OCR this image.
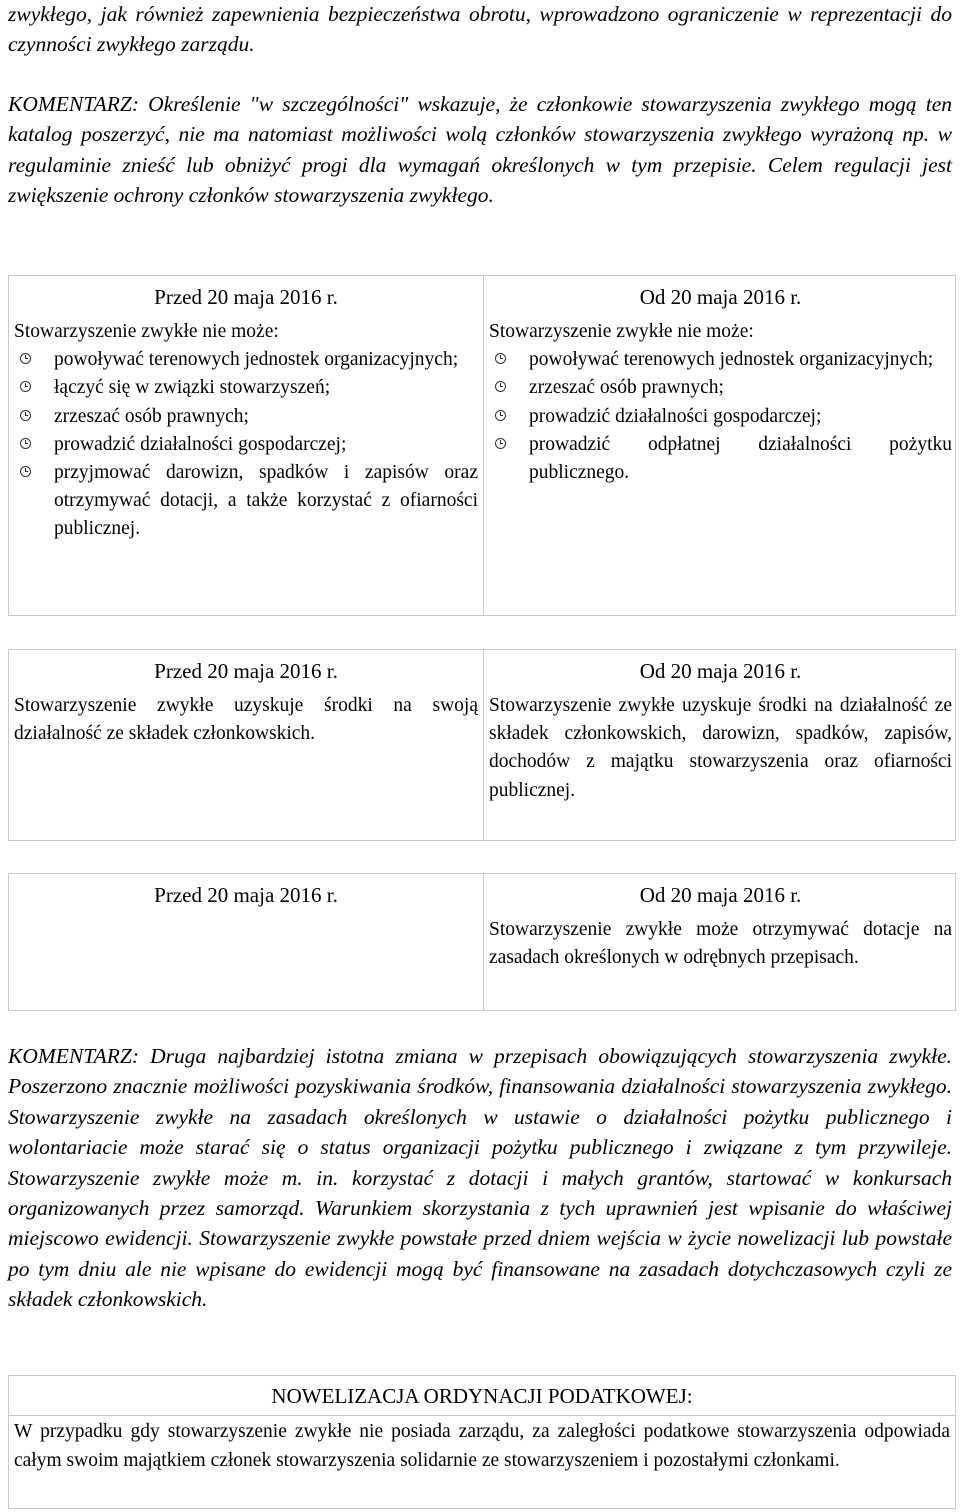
zwykłego, jak również zapewnienia bezpieczeństwa obrotu, wprowadzono ograniczenie w reprezentacji do czynności zwykłego zarządu.

KOMENTARZ: Określenie "w szczególności" wskazuje, że członkowie stowarzyszenia zwykłego mogą ten katalog poszerzyć, nie ma natomiast możliwości wolą członków stowarzyszenia zwykłego wyrażoną np. w regulaminie znieść lub obniżyć progi dla wymagań określonych w tym przepisie. Celem regulacji jest zwiększenie ochrony członków stowarzyszenia zwykłego.

Przed 20 maja 2016 r.
Stowarzyszenie zwykłe nie może:
powoływać terenowych jednostek organizacyjnych;
łączyć się w związki stowarzyszeń;
zrzeszać osób prawnych;
prowadzić działalności gospodarczej;
przyjmować darowizn, spadków i zapisów oraz otrzymywać dotacji, a także korzystać z ofiarności publicznej.
Od 20 maja 2016 r.
Stowarzyszenie zwykłe nie może:
powoływać terenowych jednostek organizacyjnych;
zrzeszać osób prawnych;
prowadzić działalności gospodarczej;
prowadzić odpłatnej działalności pożytku publicznego.
Przed 20 maja 2016 r.
Stowarzyszenie zwykłe uzyskuje środki na swoją działalność ze składek członkowskich.
Od 20 maja 2016 r.
Stowarzyszenie zwykłe uzyskuje środki na działalność ze składek członkowskich, darowizn, spadków, zapisów, dochodów z majątku stowarzyszenia oraz ofiarności publicznej.
Przed 20 maja 2016 r.	Od 20 maja 2016 r.
Stowarzyszenie zwykłe może otrzymywać dotacje na zasadach określonych w odrębnych przepisach.

KOMENTARZ: Druga najbardziej istotna zmiana w przepisach obowiązujących stowarzyszenia zwykłe. Poszerzono znacznie możliwości pozyskiwania środków, finansowania działalności stowarzyszenia zwykłego. Stowarzyszenie zwykłe na zasadach określonych w ustawie o działalności pożytku publicznego i wolontariacie może starać się o status organizacji pożytku publicznego i związane z tym przywileje. Stowarzyszenie zwykłe może m. in. korzystać z dotacji i małych grantów, startować w konkursach organizowanych przez samorząd. Warunkiem skorzystania z tych uprawnień jest wpisanie do właściwej miejscowo ewidencji. Stowarzyszenie zwykłe powstałe przed dniem wejścia w życie nowelizacji lub powstałe po tym dniu ale nie wpisane do ewidencji mogą być finansowane na zasadach dotychczasowych czyli ze składek członkowskich.

NOWELIZACJA ORDYNACJI PODATKOWEJ:
W przypadku gdy stowarzyszenie zwykłe nie posiada zarządu, za zaległości podatkowe stowarzyszenia odpowiada całym swoim majątkiem członek stowarzyszenia solidarnie ze stowarzyszeniem i pozostałymi członkami.
